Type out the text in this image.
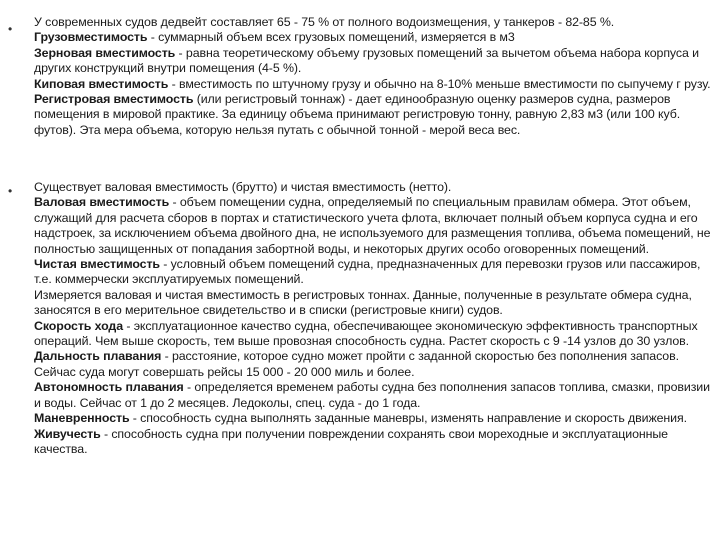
• У современных судов дедвейт составляет 65 - 75 % от полного водоизмещения, у танкеров - 82-85 %.

Грузовместимость - суммарный объем всех грузовых помещений, измеряется в м3

Зерновая вместимость - равна теоретическому объему грузовых помещений за вычетом объема набора корпуса и других конструкций внутри помещения (4-5 %).

Киповая вместимость - вместимость по штучному грузу и обычно на 8-10% меньше вместимости по сыпучему г рузу.

Регистровая вместимость (или регистровый тоннаж) - дает единообразную оценку размеров судна, размеров помещения в мировой практике. За единицу объема принимают регистровую тонну, равную 2,83 м3 (или 100 куб. футов). Эта мера объема, которую нельзя путать с обычной тонной - мерой веса вес.

• Существует валовая вместимость (брутто) и чистая вместимость (нетто).

Валовая вместимость - объем помещении судна, определяемый по специальным правилам обмера. Этот объем, служащий для расчета сборов в портах и статистического учета флота, включает полный объем корпуса судна и его надстроек, за исключением объема двойного дна, не используемого для размещения топлива, объема помещений, не полностью защищенных от попадания забортной воды, и некоторых других особо оговоренных помещений.

Чистая вместимость - условный объем помещений судна, предназначенных для перевозки грузов или пассажиров, т.е. коммерчески эксплуатируемых помещений.

Измеряется валовая и чистая вместимость в регистровых тоннах. Данные, полученные в результате обмера судна, заносятся в его мерительное свидетельство и в списки (регистровые книги) судов.

Скорость хода - эксплуатационное качество судна, обеспечивающее экономическую эффективность транспортных операций. Чем выше скорость, тем выше провозная способность судна. Растет скорость с 9 -14 узлов до 30 узлов.

Дальность плавания - расстояние, которое судно может пройти с заданной скоростью без пополнения запасов. Сейчас суда могут совершать рейсы 15 000 - 20 000 миль и более.

Автономность плавания - определяется временем работы судна без пополнения запасов топлива, смазки, провизии и воды. Сейчас от 1 до 2 месяцев. Ледоколы, спец. суда - до 1 года.

Маневренность - способность судна выполнять заданные маневры, изменять направление и скорость движения.

Живучесть - способность судна при получении повреждении сохранять свои мореходные и эксплуатационные качества.
